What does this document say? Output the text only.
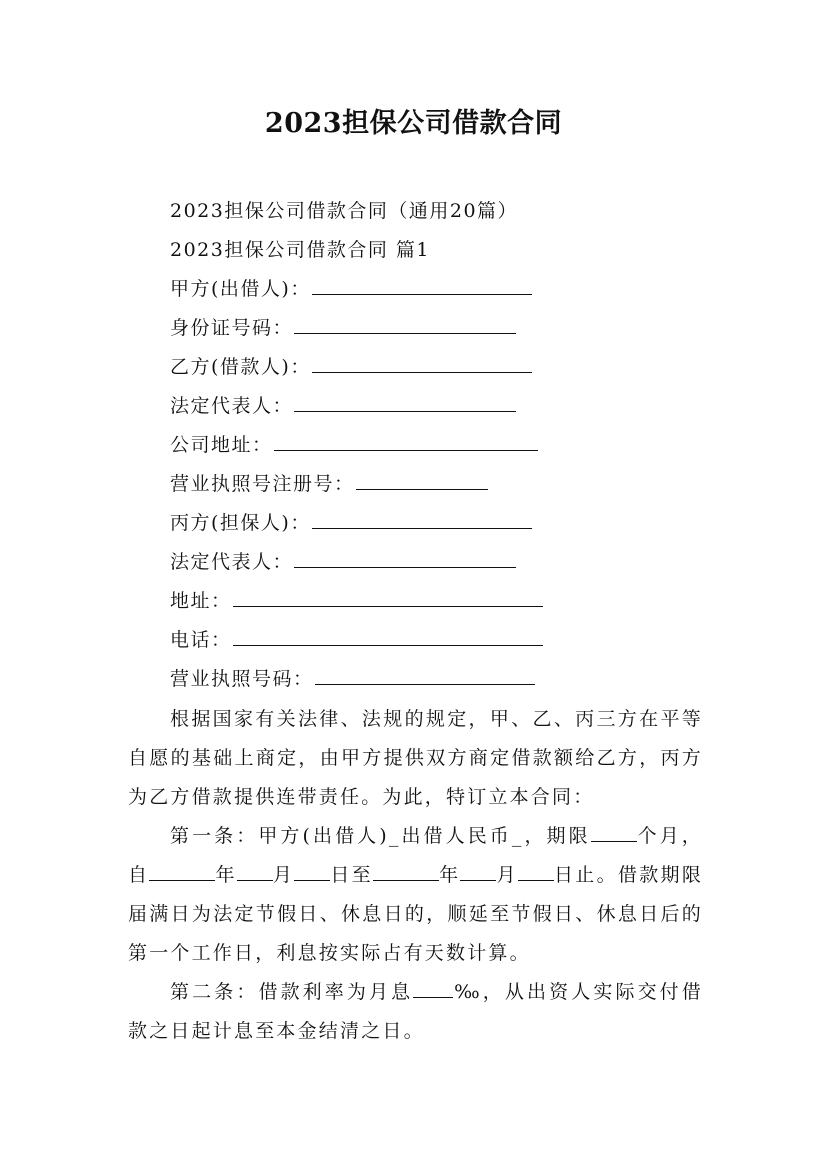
2023担保公司借款合同
2023担保公司借款合同（通用20篇）
2023担保公司借款合同 篇1
甲方(出借人)：
身份证号码：
乙方(借款人)：
法定代表人：
公司地址：
营业执照号注册号：
丙方(担保人)：
法定代表人：
地址：
电话：
营业执照号码：
根据国家有关法律、法规的规定，甲、乙、丙三方在平等自愿的基础上商定，由甲方提供双方商定借款额给乙方，丙方为乙方借款提供连带责任。为此，特订立本合同：
第一条：甲方(出借人)_出借人民币_，期限 个月，自	年 月 日至	年 月 日止。借款期限届满日为法定节假日、休息日的，顺延至节假日、休息日后的第一个工作日，利息按实际占有天数计算。
第二条：借款利率为月息 ‰，从出资人实际交付借款之日起计息至本金结清之日。
